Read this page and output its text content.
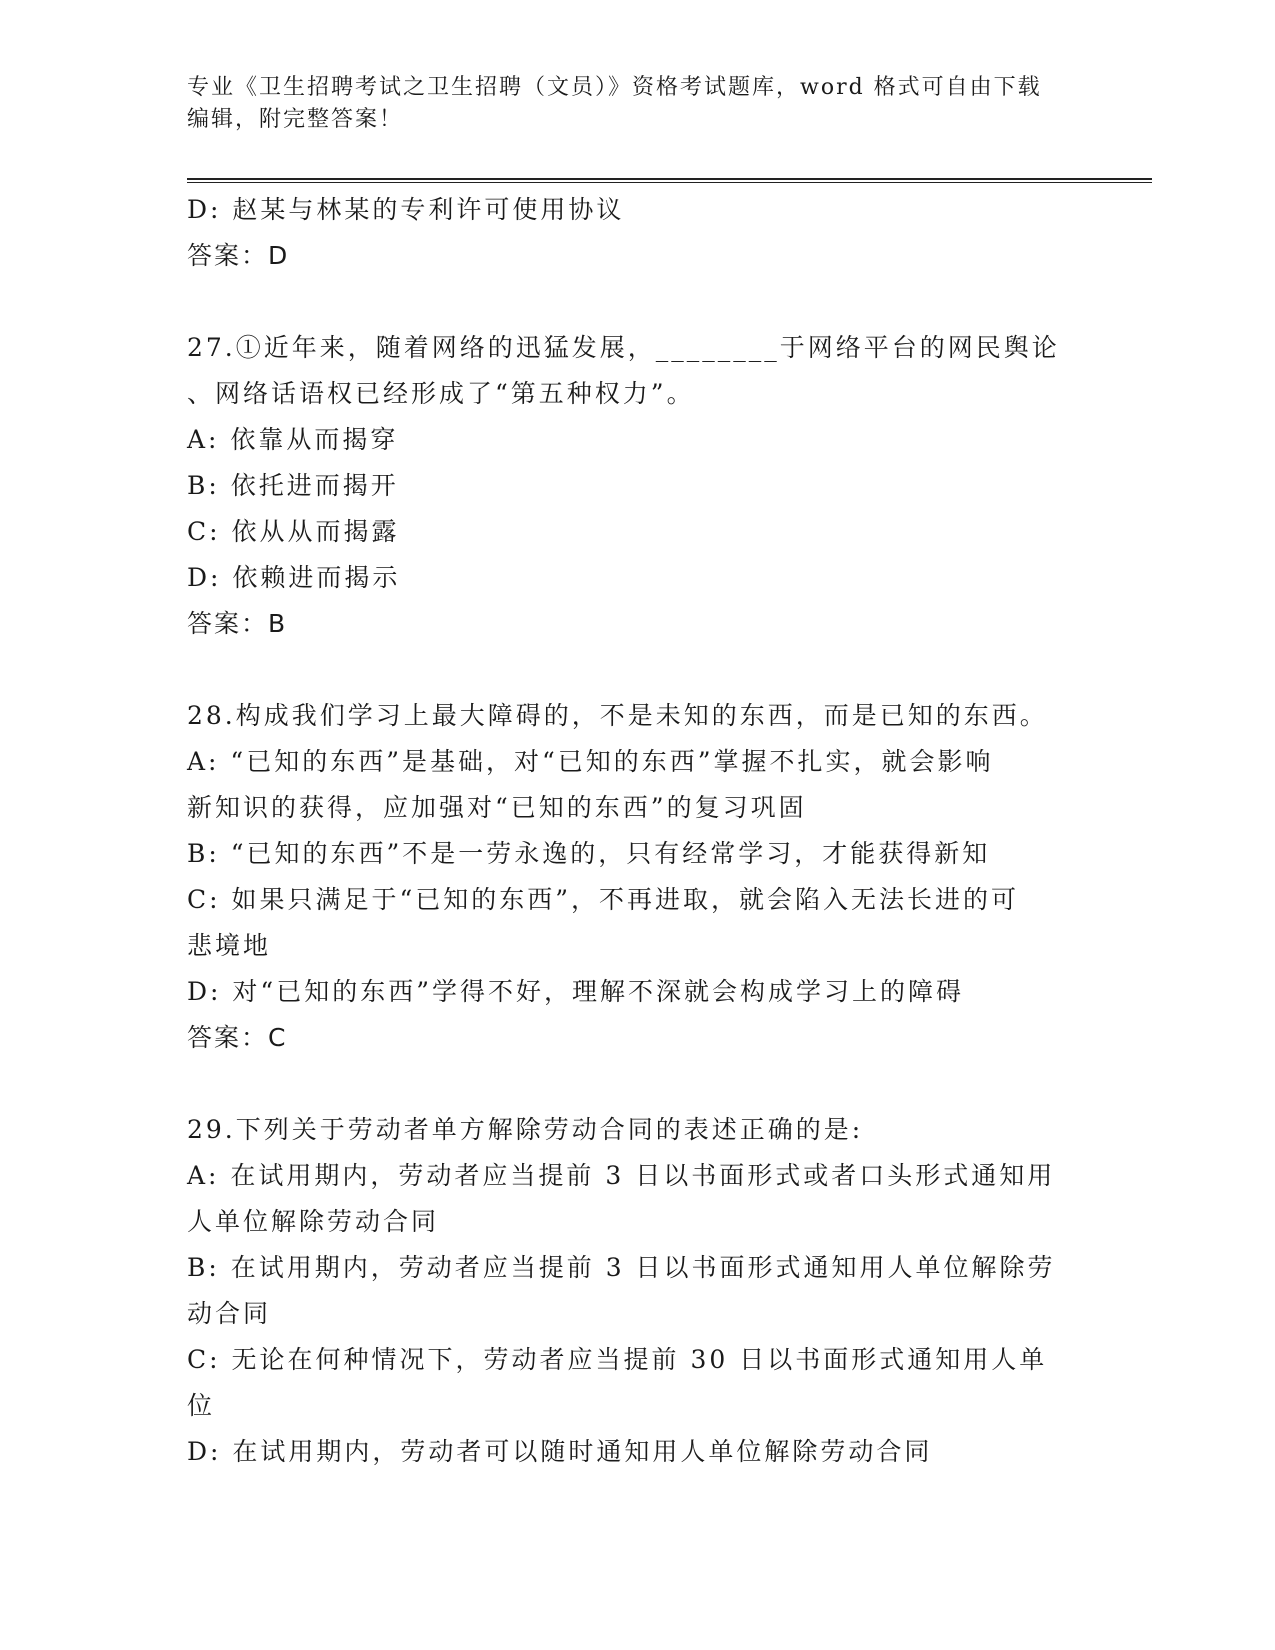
专业《卫生招聘考试之卫生招聘（文员）》资格考试题库，word 格式可自由下载
编辑，附完整答案！
D: 赵某与林某的专利许可使用协议
答案：D
27.①近年来，随着网络的迅猛发展，________于网络平台的网民舆论
、网络话语权已经形成了“第五种权力”。
A: 依靠从而揭穿
B: 依托进而揭开
C: 依从从而揭露
D: 依赖进而揭示
答案：B
28.构成我们学习上最大障碍的，不是未知的东西，而是已知的东西。
A: “已知的东西”是基础，对“已知的东西”掌握不扎实，就会影响
新知识的获得，应加强对“已知的东西”的复习巩固
B: “已知的东西”不是一劳永逸的，只有经常学习，才能获得新知
C: 如果只满足于“已知的东西”，不再进取，就会陷入无法长进的可
悲境地
D: 对“已知的东西”学得不好，理解不深就会构成学习上的障碍
答案：C
29.下列关于劳动者单方解除劳动合同的表述正确的是:
A: 在试用期内，劳动者应当提前 3 日以书面形式或者口头形式通知用
人单位解除劳动合同
B: 在试用期内，劳动者应当提前 3 日以书面形式通知用人单位解除劳
动合同
C: 无论在何种情况下，劳动者应当提前 30 日以书面形式通知用人单
位
D: 在试用期内，劳动者可以随时通知用人单位解除劳动合同
